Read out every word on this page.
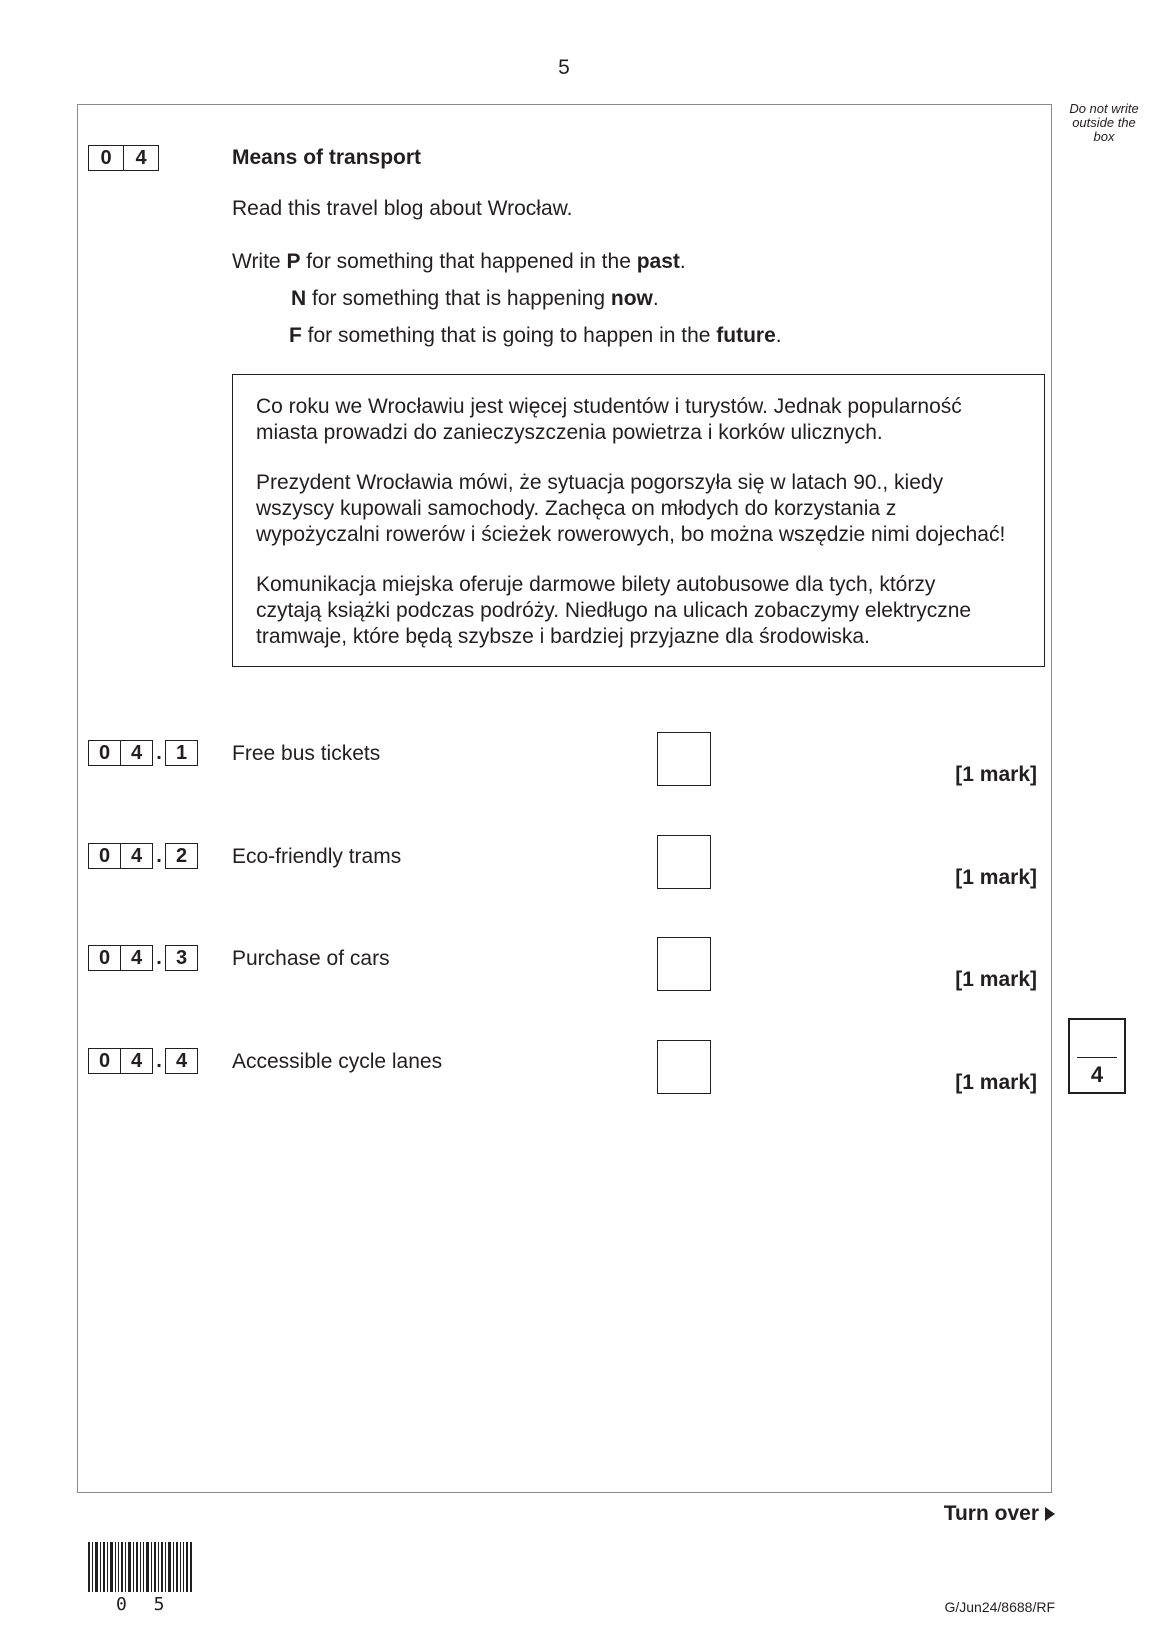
5
Do not write outside the box
0	4	Means of transport
Read this travel blog about Wrocław.
Write P for something that happened in the past.
N for something that is happening now.
F for something that is going to happen in the future.

Co roku we Wrocławiu jest więcej studentów i turystów. Jednak popularność
miasta prowadzi do zanieczyszczenia powietrza i korków ulicznych.

Prezydent Wrocławia mówi, że sytuacja pogorszyła się w latach 90., kiedy
wszyscy kupowali samochody. Zachęca on młodych do korzystania z
wypożyczalni rowerów i ścieżek rowerowych, bo można wszędzie nimi dojechać!

Komunikacja miejska oferuje darmowe bilety autobusowe dla tych, którzy
czytają książki podczas podróży. Niedługo na ulicach zobaczymy elektryczne
tramwaje, które będą szybsze i bardziej przyjazne dla środowiska.

0	4 . 1	Free bus tickets
[1 mark]
0	4 . 2	Eco-friendly trams
[1 mark]
0	4 . 3	Purchase of cars
[1 mark]
0	4 . 4	Accessible cycle lanes
[1 mark]	4
Turn over
0 5	G/Jun24/8688/RF
